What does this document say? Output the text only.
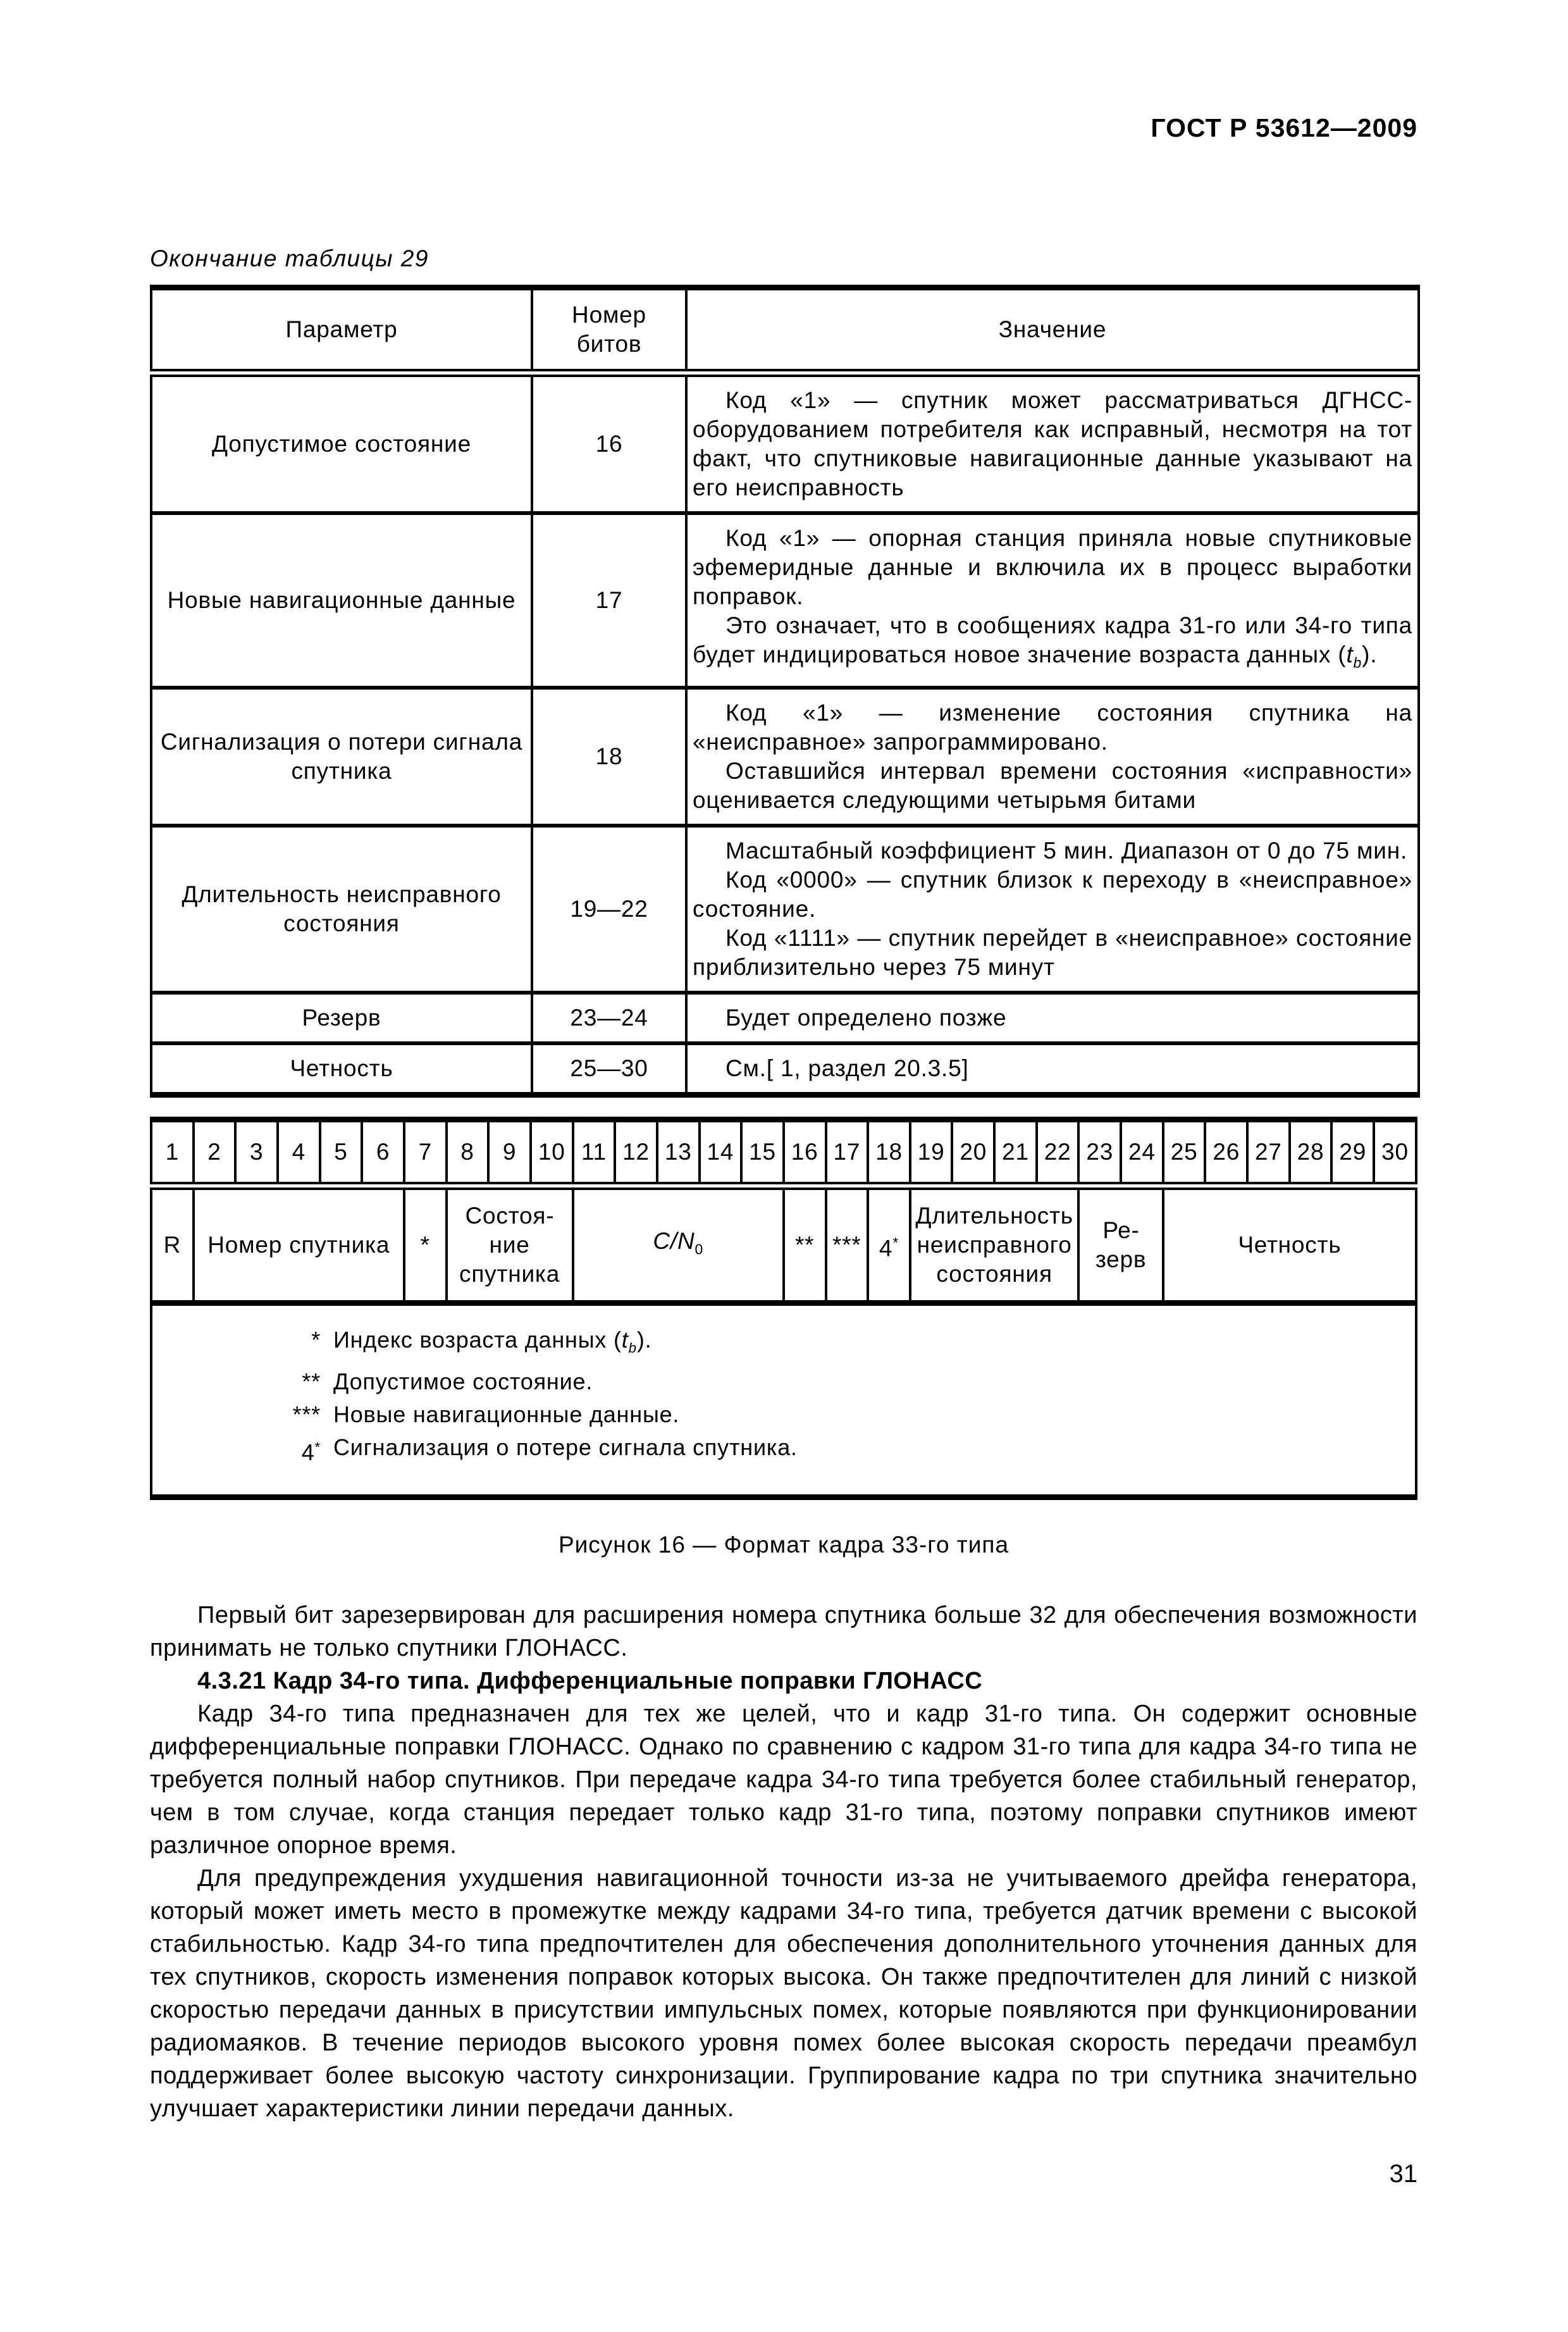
ГОСТ Р 53612—2009
Окончание таблицы 29
Параметр	Номер битов	Значение
Допустимое состояние	16	Код «1» — спутник может рассматриваться ДГНСС-оборудованием потребителя как исправный, несмотря на тот факт, что спутниковые навигационные данные указывают на его неисправность

Новые навигационные данные	17	Код «1» — опорная станция приняла новые спутниковые эфемеридные данные и включила их в процесс выработки поправок.

Это означает, что в сообщениях кадра 31-го или 34-го типа будет индицироваться новое значение возраста данных $(t_b)$.

Сигнализация о потери сигнала спутника	18	Код «1» — изменение состояния спутника на «неисправное» запрограммировано.

Оставшийся интервал времени состояния «исправности» оценивается следующими четырьмя битами

Длительность неисправного состояния	19—22	Масштабный коэффициент 5 мин. Диапазон от 0 до 75 мин.

Код «0000» — спутник близок к переходу в «неисправное» состояние.

Код «1111» — спутник перейдет в «неисправное» состояние приблизительно через 75 минут

Резерв	23—24	Будет определено позже

Четность	25—30	См.[ 1, раздел 20.3.5]

1	2	3	4	5	6	7	8	9	10	11	12	13	14	15	16	17	18	19	20	21	22	23	24	25	26	27	28	29	30
R	Номер спутника					*	Состояние спутника			$C/N_0$					**	***	4*	Длительность неисправного состояния				Резерв		Четность					

* Индекс возраста данных $(t_b)$.
** Допустимое состояние.
*** Новые навигационные данные.
4* Сигнализация о потере сигнала спутника.
Рисунок 16 — Формат кадра 33-го типа

Первый бит зарезервирован для расширения номера спутника больше 32 для обеспечения возможности принимать не только спутники ГЛОНАСС.

4.3.21 Кадр 34-го типа. Дифференциальные поправки ГЛОНАСС

Кадр 34-го типа предназначен для тех же целей, что и кадр 31-го типа. Он содержит основные дифференциальные поправки ГЛОНАСС. Однако по сравнению с кадром 31-го типа для кадра 34-го типа не требуется полный набор спутников. При передаче кадра 34-го типа требуется более стабильный генератор, чем в том случае, когда станция передает только кадр 31-го типа, поэтому поправки спутников имеют различное опорное время.

Для предупреждения ухудшения навигационной точности из-за не учитываемого дрейфа генератора, который может иметь место в промежутке между кадрами 34-го типа, требуется датчик времени с высокой стабильностью. Кадр 34-го типа предпочтителен для обеспечения дополнительного уточнения данных для тех спутников, скорость изменения поправок которых высока. Он также предпочтителен для линий с низкой скоростью передачи данных в присутствии импульсных помех, которые появляются при функционировании радиомаяков. В течение периодов высокого уровня помех более высокая скорость передачи преамбул поддерживает более высокую частоту синхронизации. Группирование кадра по три спутника значительно улучшает характеристики линии передачи данных.

31
